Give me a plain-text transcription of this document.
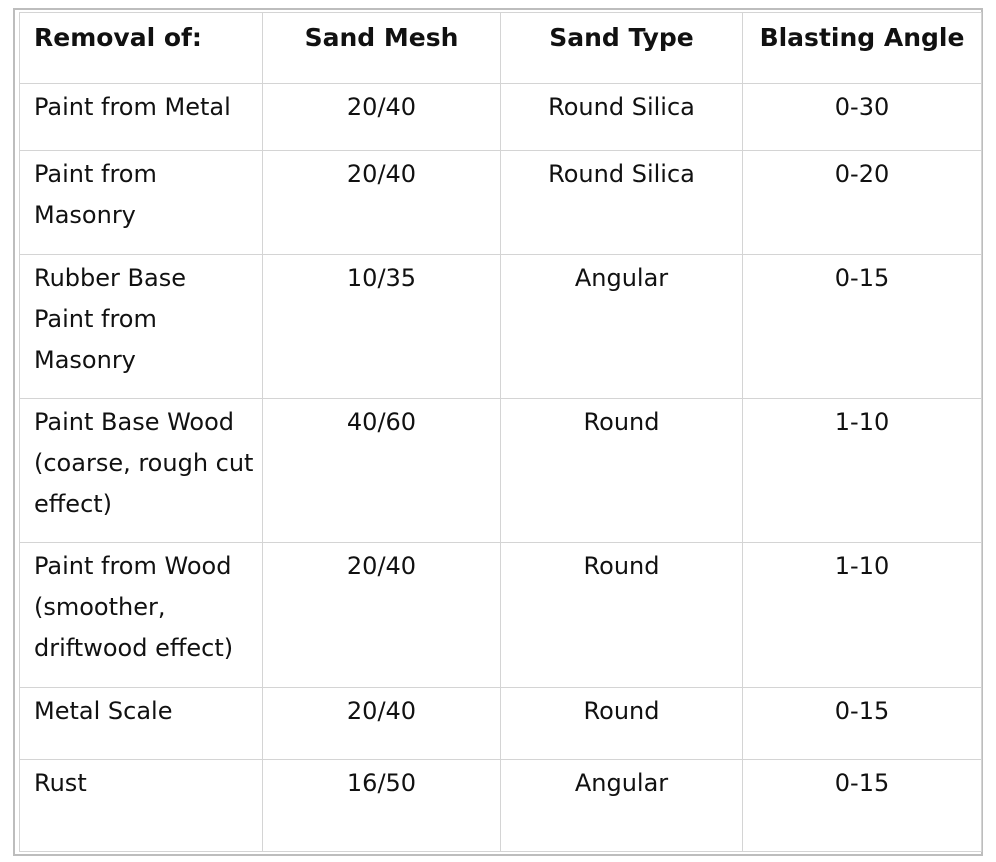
Removal of:	Sand Mesh	Sand Type	Blasting Angle
Paint from Metal	20/40	Round Silica	0-30
Paint from
Masonry	20/40	Round Silica	0-20
Rubber Base
Paint from
Masonry	10/35	Angular	0-15
Paint Base Wood
(coarse, rough cut
effect)	40/60	Round	1-10
Paint from Wood
(smoother,
driftwood effect)	20/40	Round	1-10
Metal Scale	20/40	Round	0-15
Rust	16/50	Angular	0-15
